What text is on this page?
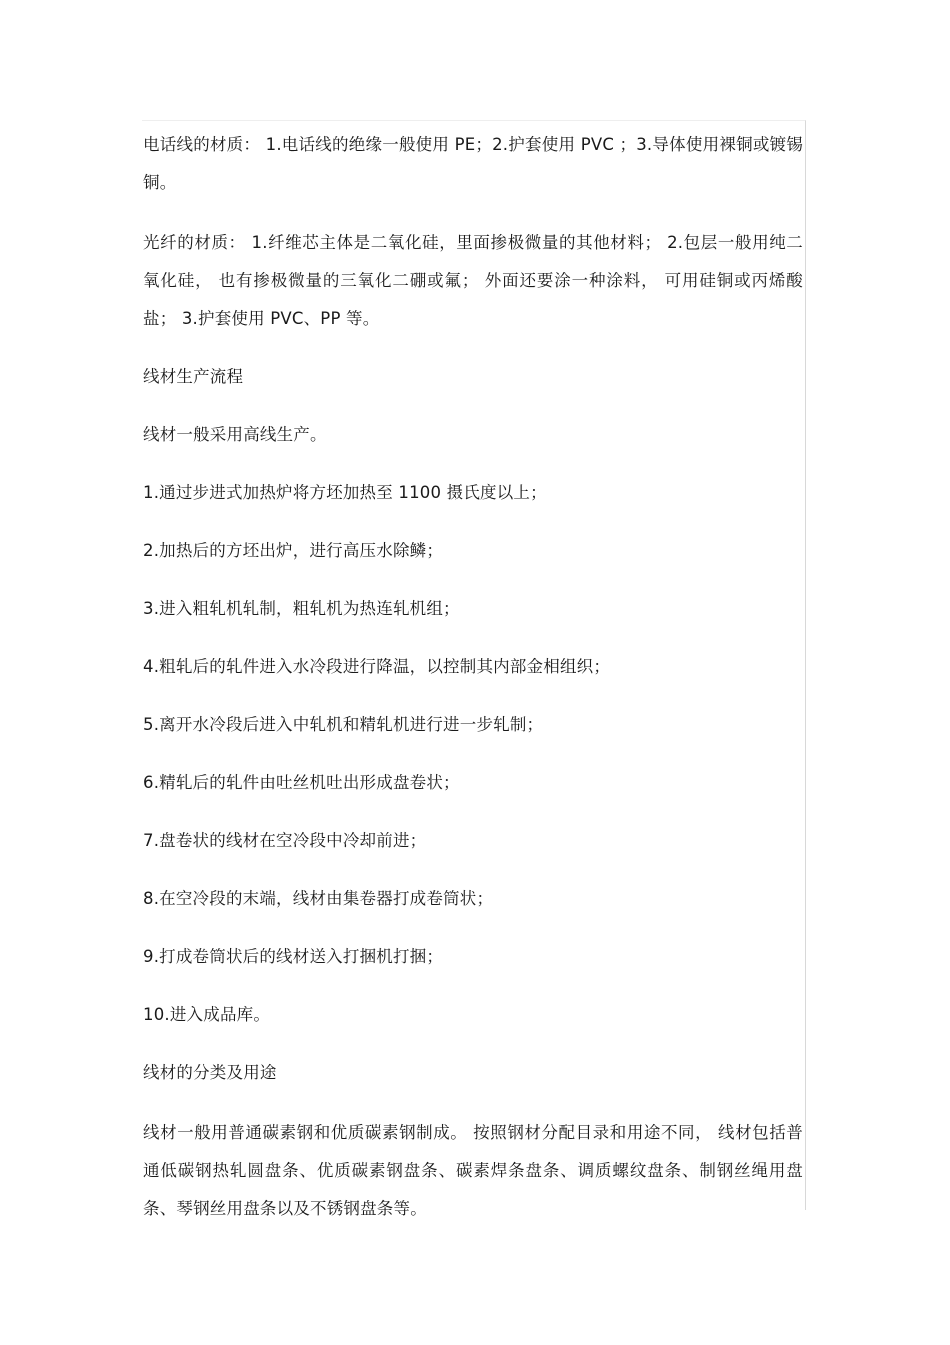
电话线的材质： 1.电话线的绝缘一般使用 PE；2.护套使用 PVC ；3.导体使用裸铜或镀锡铜。

光纤的材质： 1.纤维芯主体是二氧化硅，里面掺极微量的其他材料； 2.包层一般用纯二氧化硅， 也有掺极微量的三氧化二硼或氟； 外面还要涂一种涂料， 可用硅铜或丙烯酸盐； 3.护套使用 PVC、PP 等。

线材生产流程

线材一般采用高线生产。

1.通过步进式加热炉将方坯加热至 1100 摄氏度以上；

2.加热后的方坯出炉，进行高压水除鳞；

3.进入粗轧机轧制，粗轧机为热连轧机组；

4.粗轧后的轧件进入水冷段进行降温，以控制其内部金相组织；

5.离开水冷段后进入中轧机和精轧机进行进一步轧制；

6.精轧后的轧件由吐丝机吐出形成盘卷状；

7.盘卷状的线材在空冷段中冷却前进；

8.在空冷段的末端，线材由集卷器打成卷筒状；

9.打成卷筒状后的线材送入打捆机打捆；

10.进入成品库。

线材的分类及用途

线材一般用普通碳素钢和优质碳素钢制成。 按照钢材分配目录和用途不同， 线材包括普通低碳钢热轧圆盘条、优质碳素钢盘条、碳素焊条盘条、调质螺纹盘条、制钢丝绳用盘条、琴钢丝用盘条以及不锈钢盘条等。
